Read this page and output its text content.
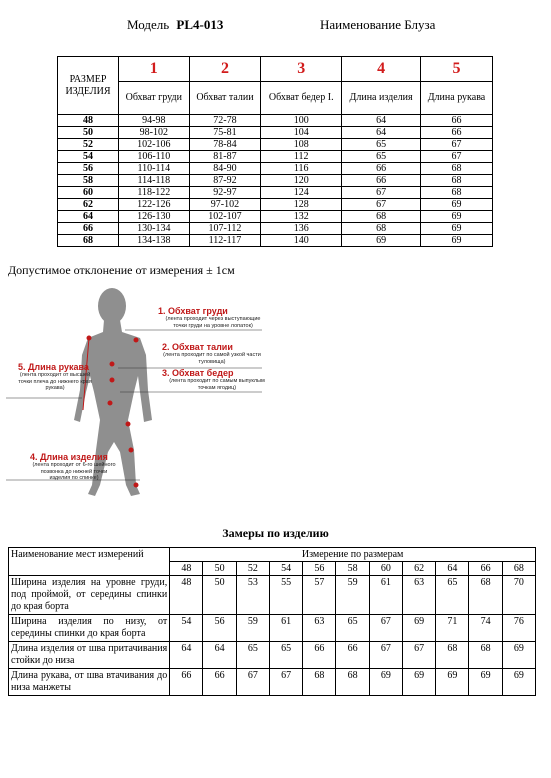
Модель PL4-013	Наименование Блуза
РАЗМЕР ИЗДЕЛИЯ	1	2	3	4	5
	Обхват груди	Обхват талии	Обхват бедер I.	Длина изделия	Длина рукава
48	94-98	72-78	100	64	66
50	98-102	75-81	104	64	66
52	102-106	78-84	108	65	67
54	106-110	81-87	112	65	67
56	110-114	84-90	116	66	68
58	114-118	87-92	120	66	68
60	118-122	92-97	124	67	68
62	122-126	97-102	128	67	69
64	126-130	102-107	132	68	69
66	130-134	107-112	136	68	69
68	134-138	112-117	140	69	69
Допустимое отклонение от измерения ± 1см
1. Обхват груди
(лента проходит через выступающие точки груди на уровне лопаток)
2. Обхват талии
(лента проходит по самой узкой части туловища)
3. Обхват бедер
(лента проходит по самым выпуклым точкам ягодиц)
5. Длина рукава
(лента проходит от высшей точки плеча до нижнего края рукава)
4. Длина изделия
(лента проходит от 6-го шейного позвонка до нижней точки изделия по спинке)
Замеры по изделию
Наименование мест измерений	Измерение по размерам										
	48	50	52	54	56	58	60	62	64	66	68
Ширина изделия на уровне груди, под проймой, от середины спинки до края борта	48	50	53	55	57	59	61	63	65	68	70
Ширина изделия по низу, от середины спинки до края борта	54	56	59	61	63	65	67	69	71	74	76
Длина изделия от шва притачивания стойки до низа	64	64	65	65	66	66	67	67	68	68	69
Длина рукава, от шва втачивания до низа манжеты	66	66	67	67	68	68	69	69	69	69	69
